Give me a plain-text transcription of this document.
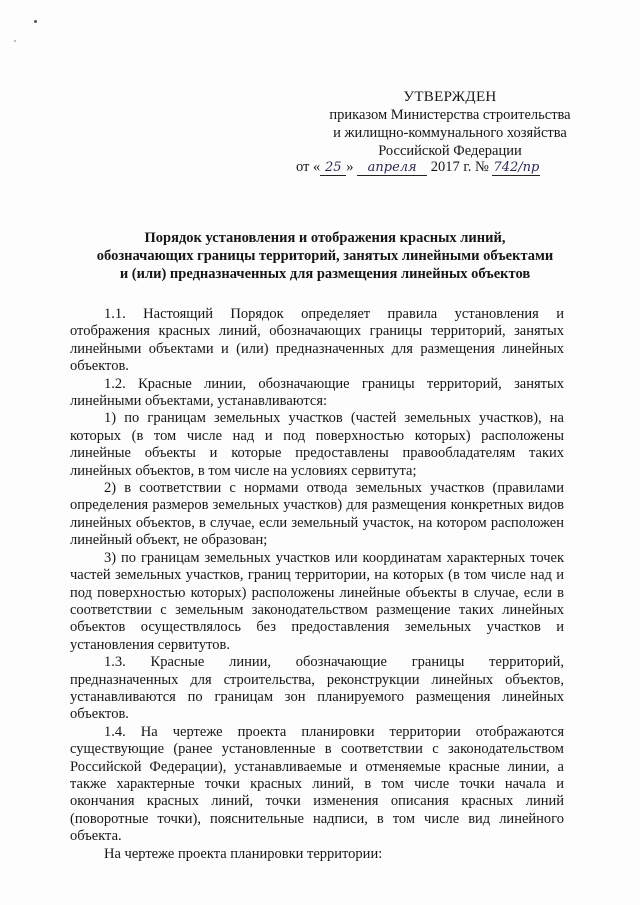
УТВЕРЖДЕН
приказом Министерства строительства
и жилищно-коммунального хозяйства
Российской Федерации
от « 25 » апреля 2017 г. № 742/пр
Порядок установления и отображения красных линий,
обозначающих границы территорий, занятых линейными объектами
и (или) предназначенных для размещения линейных объектов

1.1. Настоящий Порядок определяет правила установления и отображения красных линий, обозначающих границы территорий, занятых линейными объектами и (или) предназначенных для размещения линейных объектов.

1.2. Красные линии, обозначающие границы территорий, занятых линейными объектами, устанавливаются:

1) по границам земельных участков (частей земельных участков), на которых (в том числе над и под поверхностью которых) расположены линейные объекты и которые предоставлены правообладателям таких линейных объектов, в том числе на условиях сервитута;

2) в соответствии с нормами отвода земельных участков (правилами определения размеров земельных участков) для размещения конкретных видов линейных объектов, в случае, если земельный участок, на котором расположен линейный объект, не образован;

3) по границам земельных участков или координатам характерных точек частей земельных участков, границ территории, на которых (в том числе над и под поверхностью которых) расположены линейные объекты в случае, если в соответствии с земельным законодательством размещение таких линейных объектов осуществлялось без предоставления земельных участков и установления сервитутов.

1.3. Красные линии, обозначающие границы территорий, предназначенных для строительства, реконструкции линейных объектов, устанавливаются по границам зон планируемого размещения линейных объектов.

1.4. На чертеже проекта планировки территории отображаются существующие (ранее установленные в соответствии с законодательством Российской Федерации), устанавливаемые и отменяемые красные линии, а также характерные точки красных линий, в том числе точки начала и окончания красных линий, точки изменения описания красных линий (поворотные точки), пояснительные надписи, в том числе вид линейного объекта.

На чертеже проекта планировки территории:
